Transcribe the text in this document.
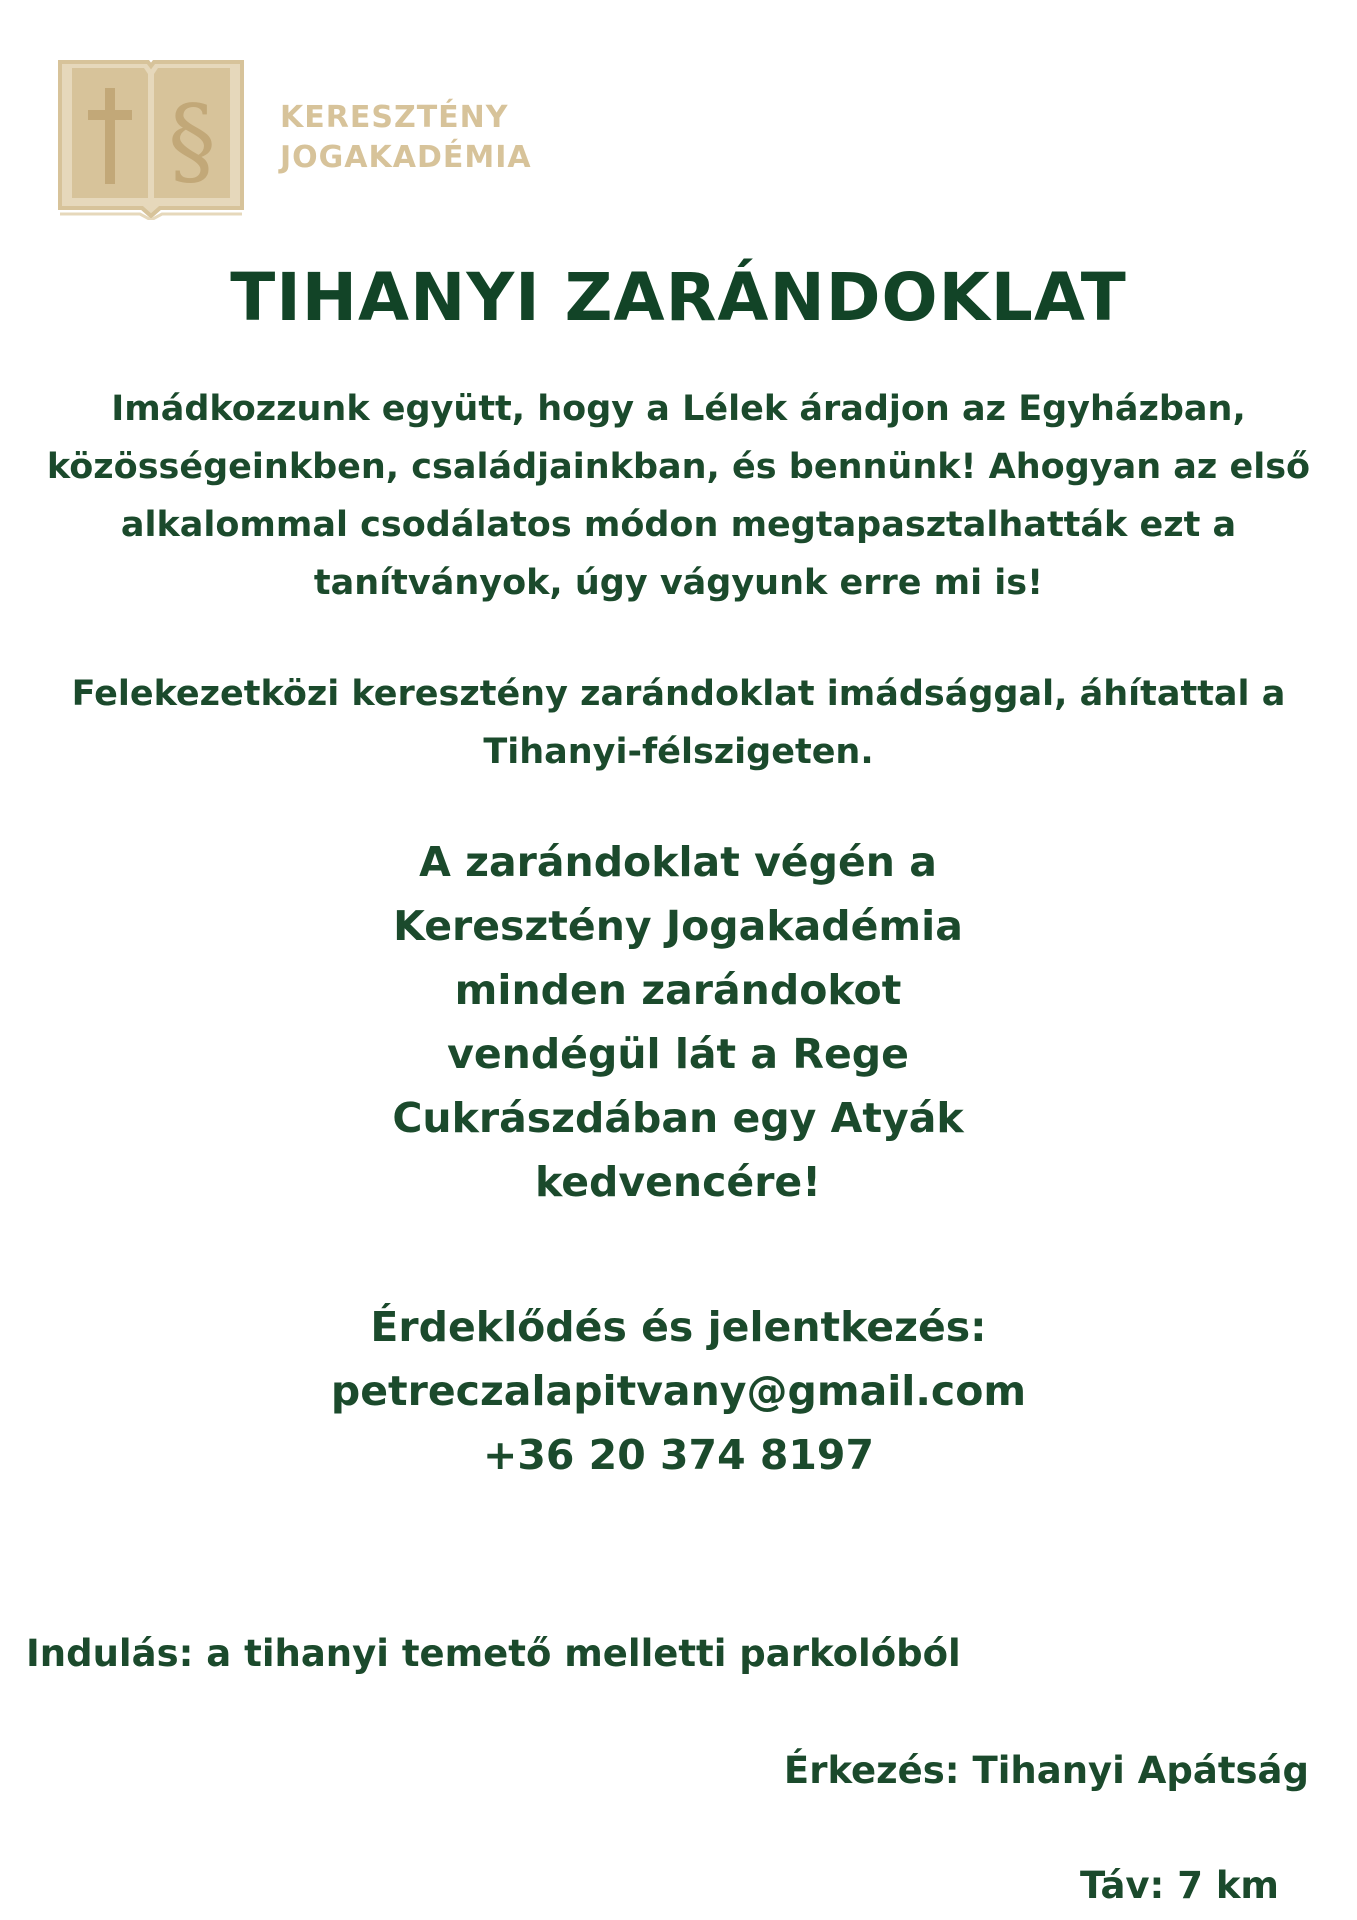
§ KERESZTÉNY
JOGAKADÉMIA
TIHANYI ZARÁNDOKLAT
Imádkozzunk együtt, hogy a Lélek áradjon az Egyházban, közösségeinkben, családjainkban, és bennünk! Ahogyan az első alkalommal csodálatos módon megtapasztalhatták ezt a tanítványok, úgy vágyunk erre mi is!
Felekezetközi keresztény zarándoklat imádsággal, áhítattal a Tihanyi-félszigeten.
A zarándoklat végén a Keresztény Jogakadémia minden zarándokot vendégül lát a Rege Cukrászdában egy Atyák kedvencére!
Érdeklődés és jelentkezés:
petreczalapitvany@gmail.com
+36 20 374 8197
Indulás: a tihanyi temető melletti parkolóból
Érkezés: Tihanyi Apátság
Táv: 7 km
